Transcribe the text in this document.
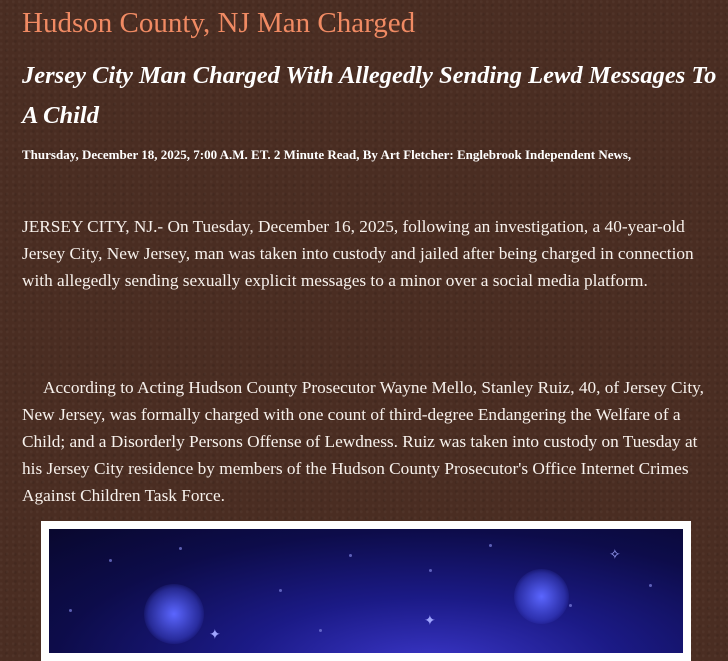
Hudson County, NJ Man Charged
Jersey City Man Charged With Allegedly Sending Lewd Messages To A Child
Thursday, December 18, 2025, 7:00 A.M. ET. 2 Minute Read, By Art Fletcher: Englebrook Independent News,

JERSEY CITY, NJ.- On Tuesday, December 16, 2025, following an investigation, a 40-year-old Jersey City, New Jersey, man was taken into custody and jailed after being charged in connection with allegedly sending sexually explicit messages to a minor over a social media platform.

According to Acting Hudson County Prosecutor Wayne Mello, Stanley Ruiz, 40, of Jersey City, New Jersey, was formally charged with one count of third-degree Endangering the Welfare of a Child; and a Disorderly Persons Offense of Lewdness. Ruiz was taken into custody on Tuesday at his Jersey City residence by members of the Hudson County Prosecutor's Office Internet Crimes Against Children Task Force.

✦
✦
✧
